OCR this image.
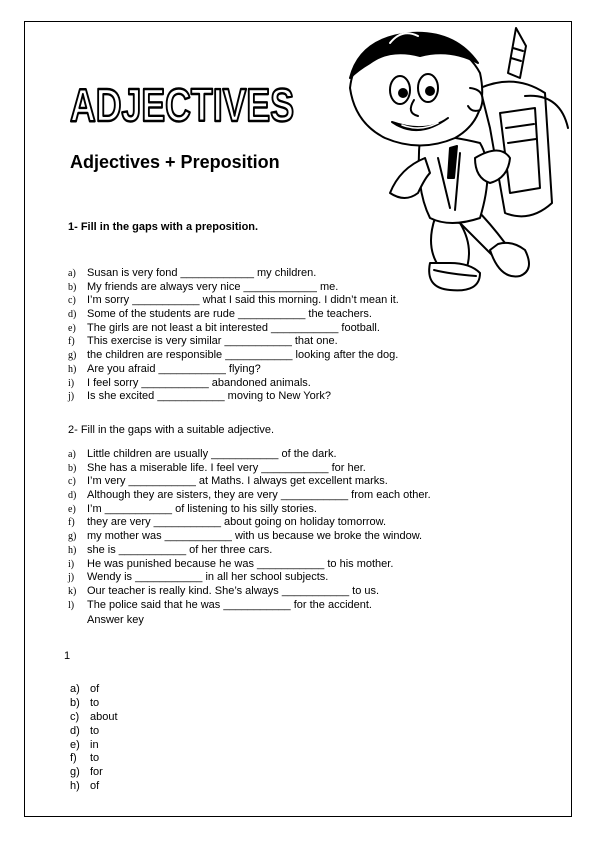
ADJECTIVES
Adjectives + Preposition
1- Fill in the gaps with a preposition.
a)	Susan is very fond ____________ my children.
b) My friends are always very nice ____________ me.
c)	I’m sorry ___________ what I said this morning. I didn’t mean it.
d) Some of the students are rude ___________ the teachers.
e)	The girls are not least a bit interested ___________ football.
f)	This exercise is very similar ___________ that one.
g) the children are responsible ___________ looking after the dog.
h) Are you afraid ___________ flying?
i)	I feel sorry ___________ abandoned animals.
j)	Is she excited ___________ moving to New York?
2- Fill in the gaps with a suitable adjective.
a)	Little children are usually ___________ of the dark.
b) She has a miserable life. I feel very ___________ for her.
c)	I’m very ___________ at Maths. I always get excellent marks.
d) Although they are sisters, they are very ___________ from each other.
e)	I’m ___________ of listening to his silly stories.
f)	they are very ___________ about going on holiday tomorrow.
g) my mother was ___________ with us because we broke the window.
h) she is ___________ of her three cars.
i)	He was punished because he was ___________ to his mother.
j)	Wendy is ___________ in all her school subjects.
k) Our teacher is really kind. She’s always ___________ to us.
l)	The police said that he was ___________ for the accident.
Answer key
1
a) of
b) to
c) about
d) to
e) in
f) to
g) for
h) of
